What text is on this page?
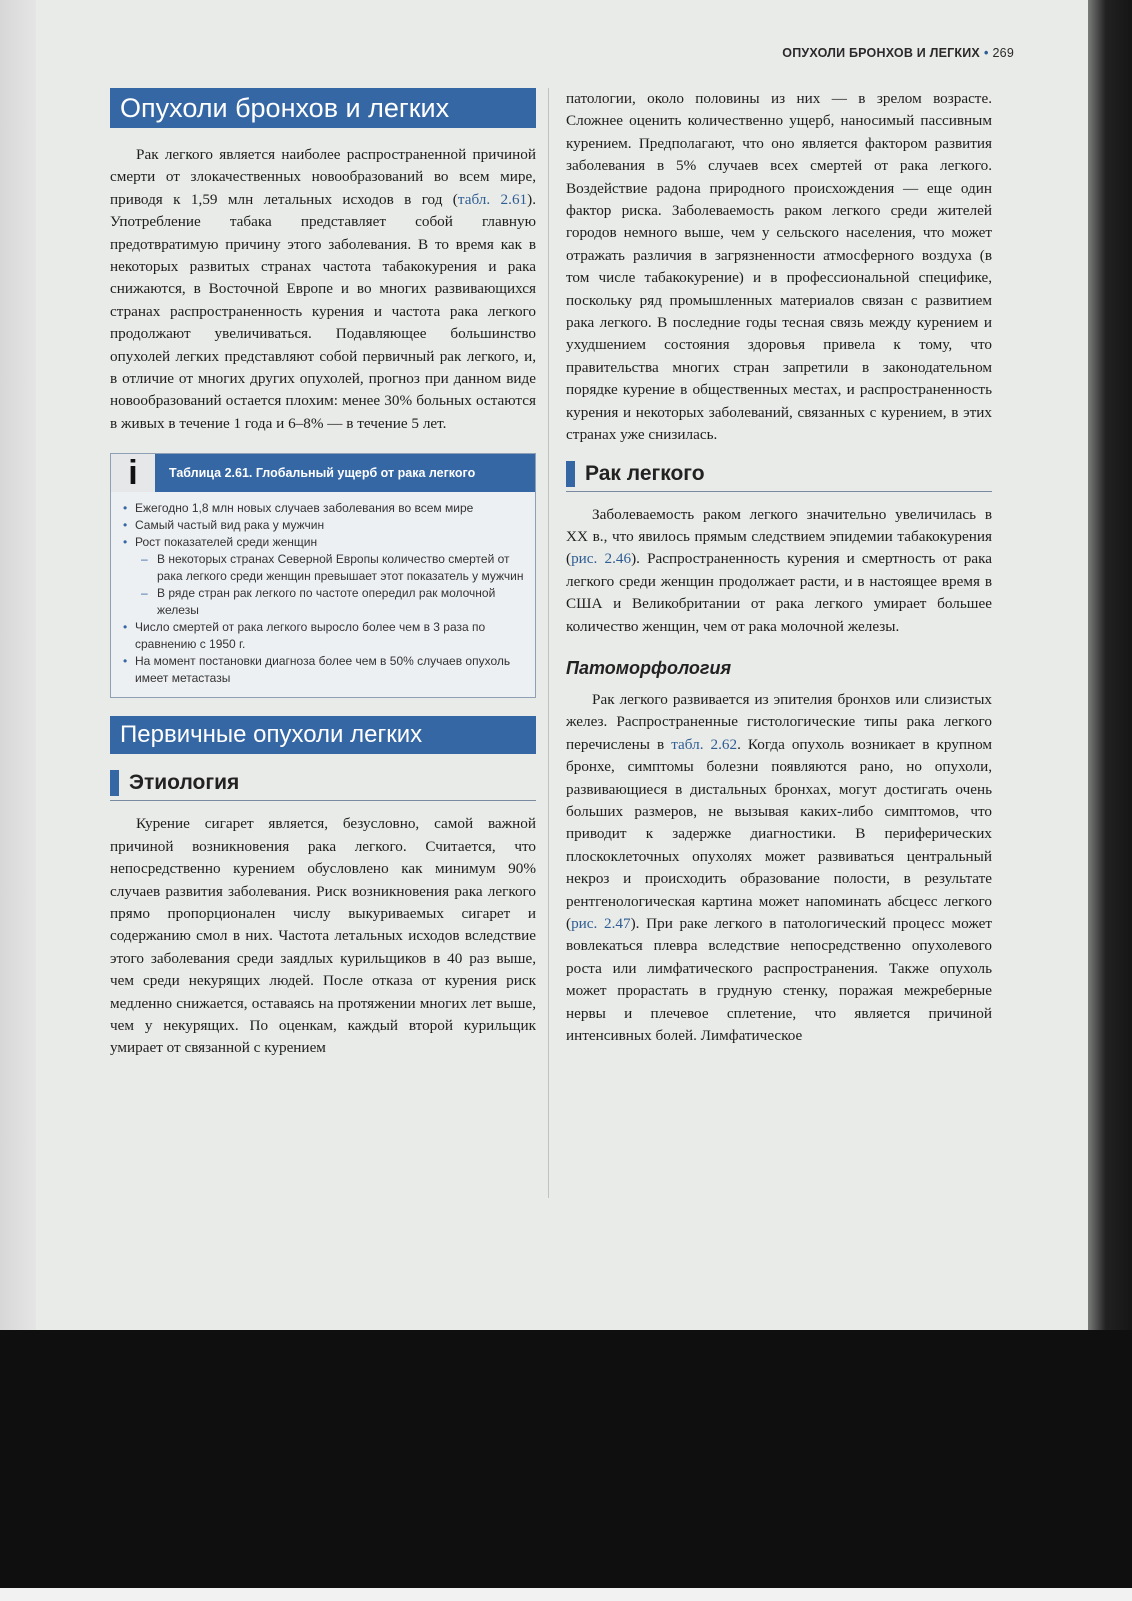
ОПУХОЛИ БРОНХОВ И ЛЕГКИХ • 269
Опухоли бронхов и легких

Рак легкого является наиболее распространенной причиной смерти от злокачественных новообразований во всем мире, приводя к 1,59 млн летальных исходов в год (табл. 2.61). Употребление табака представляет собой главную предотвратимую причину этого заболевания. В то время как в некоторых развитых странах частота табакокурения и рака снижаются, в Восточной Европе и во многих развивающихся странах распространенность курения и частота рака легкого продолжают увеличиваться. Подавляющее большинство опухолей легких представляют собой первичный рак легкого, и, в отличие от многих других опухолей, прогноз при данном виде новообразований остается плохим: менее 30% больных остаются в живых в течение 1 года и 6–8% — в течение 5 лет.

i	Таблица 2.61. Глобальный ущерб от рака легкого
• Ежегодно 1,8 млн новых случаев заболевания во всем мире
• Самый частый вид рака у мужчин
• Рост показателей среди женщин
– В некоторых странах Северной Европы количество смертей от рака легкого среди женщин превышает этот показатель у мужчин
– В ряде стран рак легкого по частоте опередил рак молочной железы
• Число смертей от рака легкого выросло более чем в 3 раза по сравнению с 1950 г.
• На момент постановки диагноза более чем в 50% случаев опухоль имеет метастазы
Первичные опухоли легких
Этиология

Курение сигарет является, безусловно, самой важной причиной возникновения рака легкого. Считается, что непосредственно курением обусловлено как минимум 90% случаев развития заболевания. Риск возникновения рака легкого прямо пропорционален числу выкуриваемых сигарет и содержанию смол в них. Частота летальных исходов вследствие этого заболевания среди заядлых курильщиков в 40 раз выше, чем среди некурящих людей. После отказа от курения риск медленно снижается, оставаясь на протяжении многих лет выше, чем у некурящих. По оценкам, каждый второй курильщик умирает от связанной с курением

патологии, около половины из них — в зрелом возрасте. Сложнее оценить количественно ущерб, наносимый пассивным курением. Предполагают, что оно является фактором развития заболевания в 5% случаев всех смертей от рака легкого. Воздействие радона природного происхождения — еще один фактор риска. Заболеваемость раком легкого среди жителей городов немного выше, чем у сельского населения, что может отражать различия в загрязненности атмосферного воздуха (в том числе табакокурение) и в профессиональной специфике, поскольку ряд промышленных материалов связан с развитием рака легкого. В последние годы тесная связь между курением и ухудшением состояния здоровья привела к тому, что правительства многих стран запретили в законодательном порядке курение в общественных местах, и распространенность курения и некоторых заболеваний, связанных с курением, в этих странах уже снизилась.

Рак легкого

Заболеваемость раком легкого значительно увеличилась в XX в., что явилось прямым следствием эпидемии табакокурения (рис. 2.46). Распространенность курения и смертность от рака легкого среди женщин продолжает расти, и в настоящее время в США и Великобритании от рака легкого умирает большее количество женщин, чем от рака молочной железы.

Патоморфология

Рак легкого развивается из эпителия бронхов или слизистых желез. Распространенные гистологические типы рака легкого перечислены в табл. 2.62. Когда опухоль возникает в крупном бронхе, симптомы болезни появляются рано, но опухоли, развивающиеся в дистальных бронхах, могут достигать очень больших размеров, не вызывая каких-либо симптомов, что приводит к задержке диагностики. В периферических плоскоклеточных опухолях может развиваться центральный некроз и происходить образование полости, в результате рентгенологическая картина может напоминать абсцесс легкого (рис. 2.47). При раке легкого в патологический процесс может вовлекаться плевра вследствие непосредственно опухолевого роста или лимфатического распространения. Также опухоль может прорастать в грудную стенку, поражая межреберные нервы и плечевое сплетение, что является причиной интенсивных болей. Лимфатическое
